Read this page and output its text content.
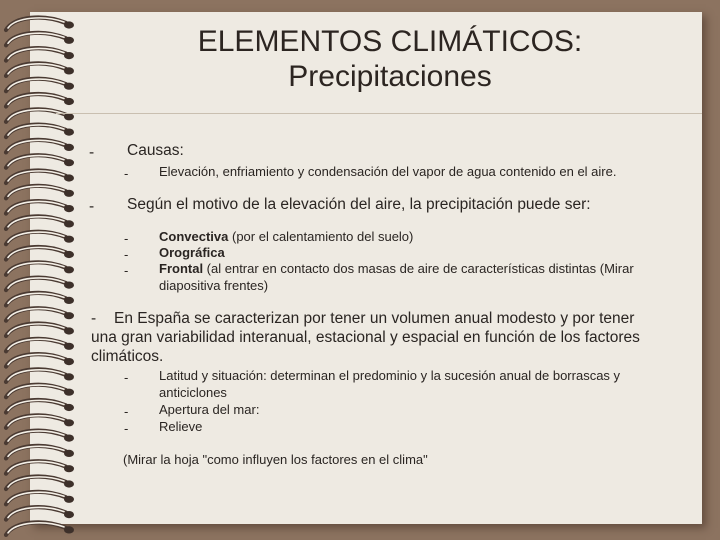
ELEMENTOS CLIMÁTICOS:
Precipitaciones
- Causas:
- Elevación, enfriamiento y condensación del vapor de agua contenido en el aire.
- Según el motivo de la elevación del aire, la precipitación puede ser:
- Convectiva (por el calentamiento del suelo)
- Orográfica
- Frontal (al entrar en contacto dos masas de aire de características distintas (Mirar
diapositiva frentes)
- En España se caracterizan por tener un volumen anual modesto y por tener
una gran variabilidad interanual, estacional y espacial en función de los factores
climáticos.
- Latitud y situación: determinan el predominio y la sucesión anual de borrascas y
anticiclones
- Apertura del mar:
- Relieve
(Mirar la hoja "como influyen los factores en el clima"
